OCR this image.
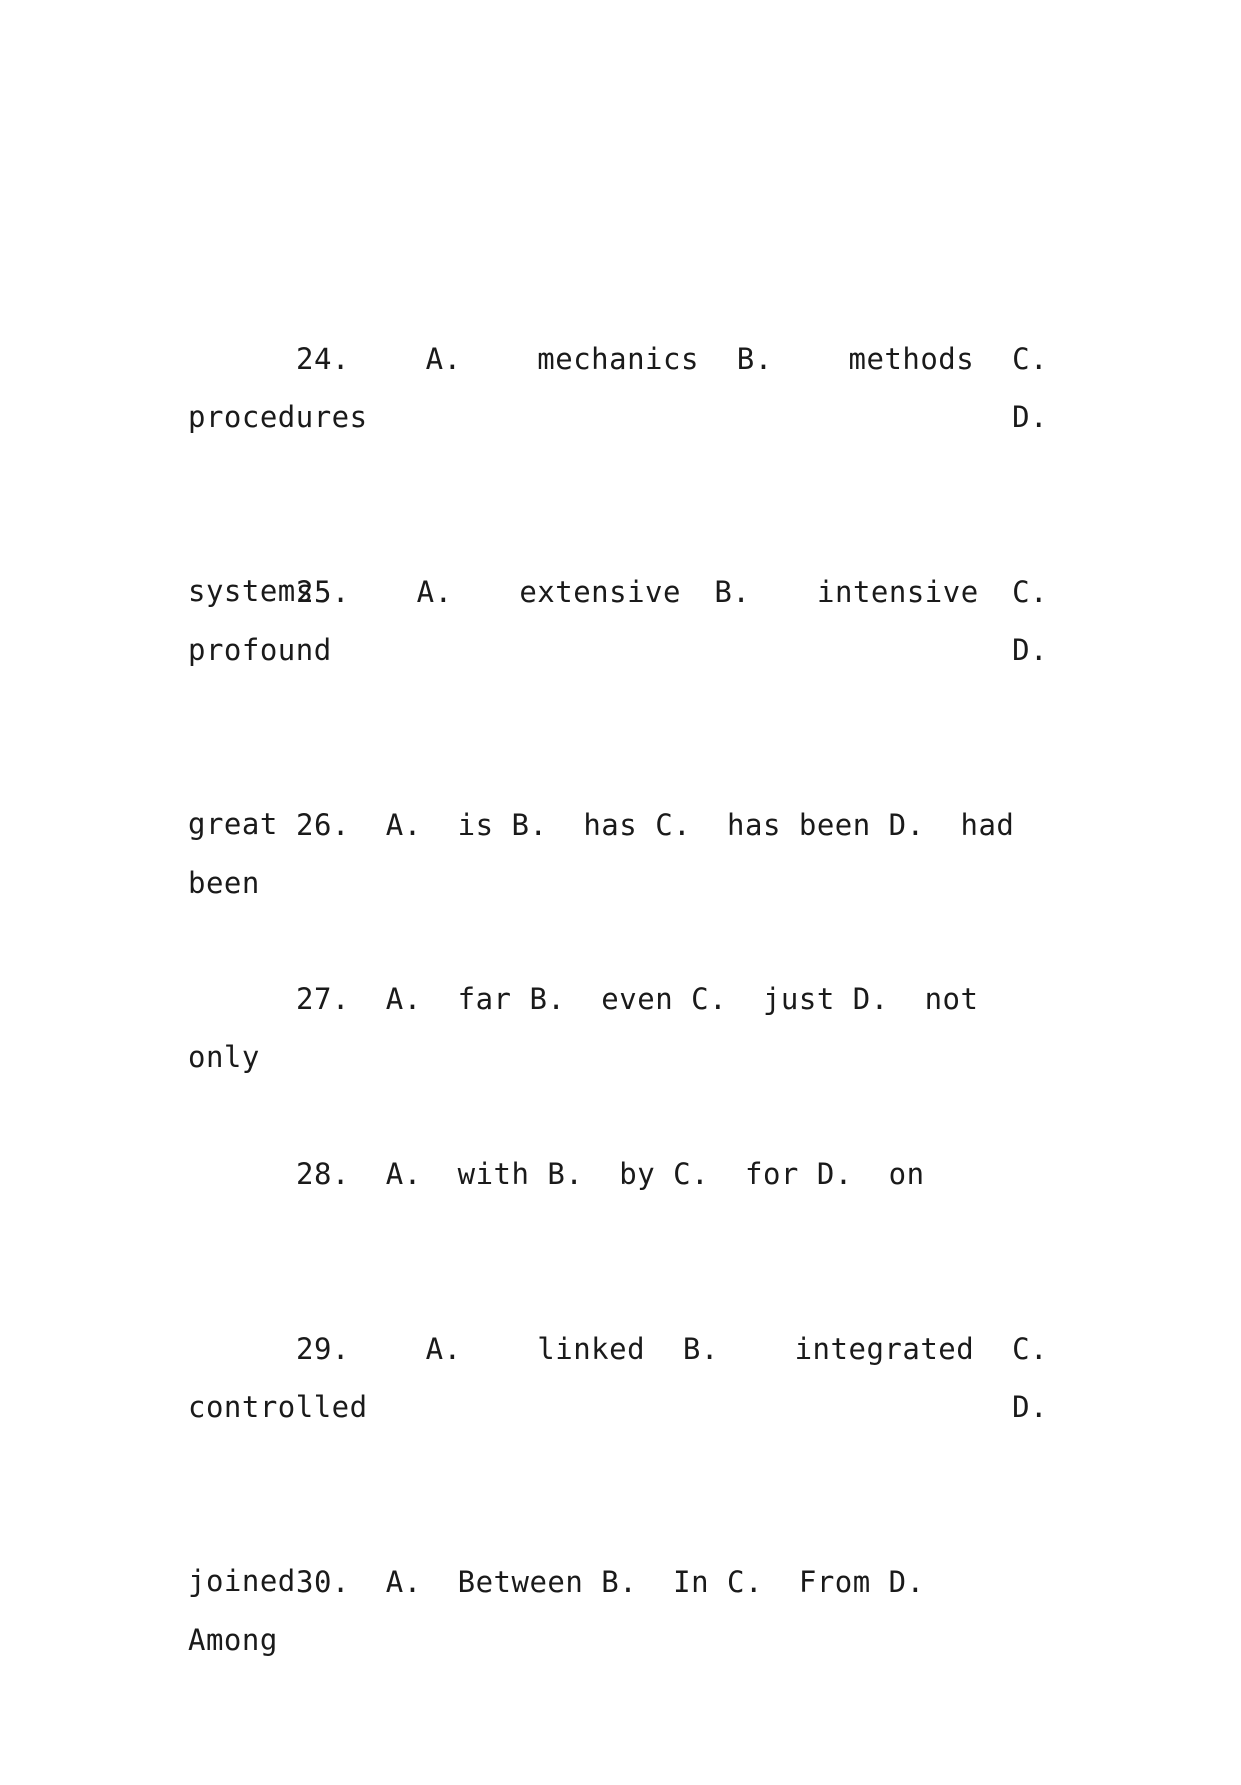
24.  A.  mechanics B.  methods C.  procedures D.

systems

25.  A.  extensive B.  intensive C.  profound D.

great

26.  A.  is B.  has C.  has been D.  had been

27.  A.  far B.  even C.  just D.  not only

28.  A.  with B.  by C.  for D.  on

29.  A.  linked B.  integrated C.  controlled D.

joined

30.  A.  Between B.  In C.  From D.  Among
